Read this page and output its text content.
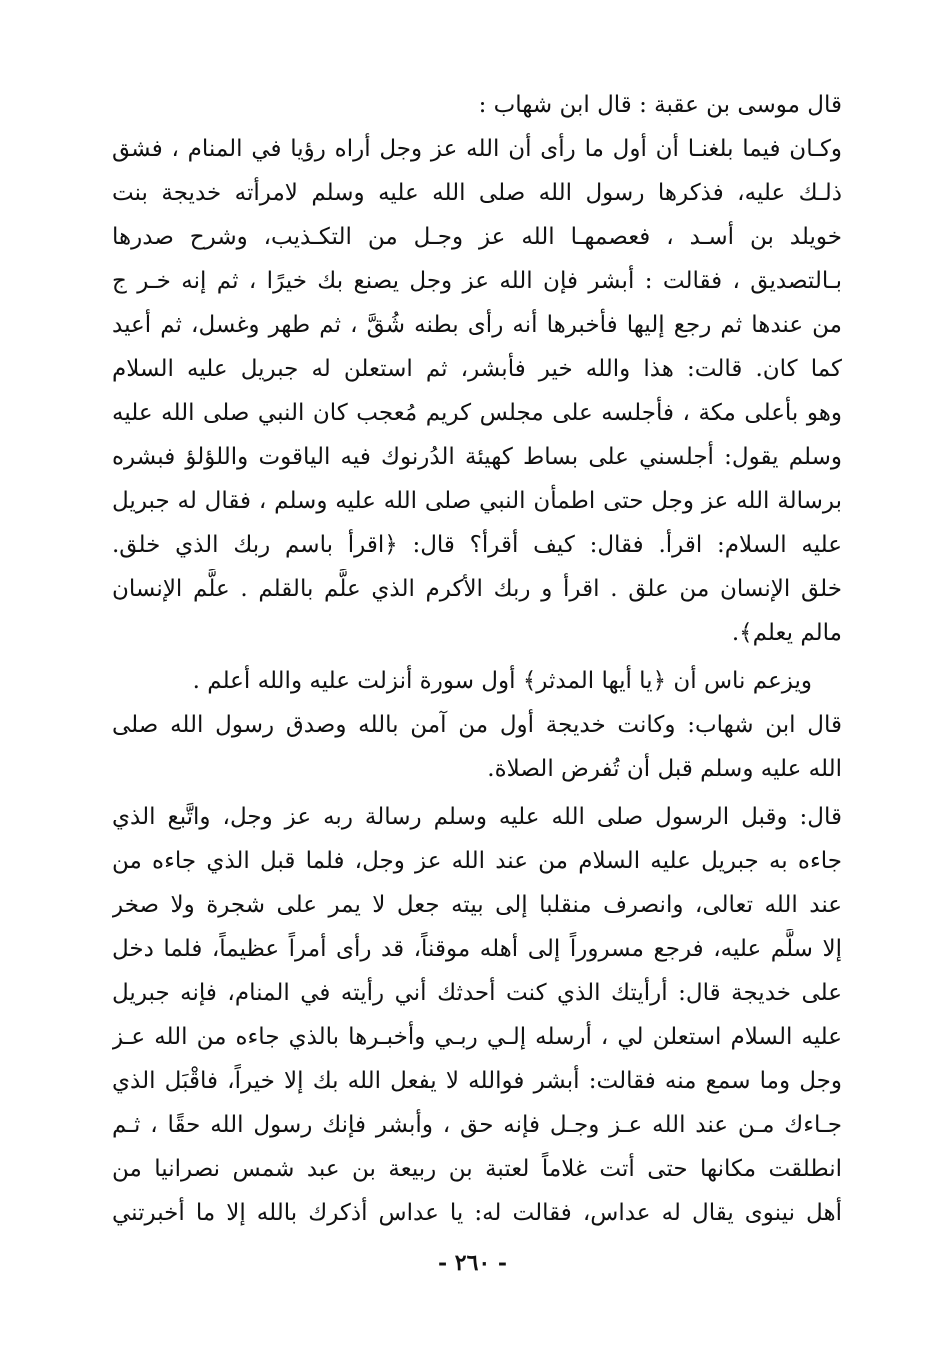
قال موسى بن عقبة : قال ابن شهاب :
وكـان فيما بلغنـا أن أول ما رأى أن الله عز وجل أراه رؤيا في المنام ، فشق
ذلـك عليه، فذكرها رسول الله صلى الله عليه وسلم لامرأته خديجة بنت
خويلد بن أسـد ، فعصمهـا الله عز وجـل من التكـذيب، وشرح صدرها
بـالتصديق ، فقالت : أبشر فإن الله عز وجل يصنع بك خيرًا ، ثم إنه خـر ج
من عندها ثم رجع إليها فأخبرها أنه رأى بطنه شُقَّ ، ثم طهر وغسل، ثم أعيد
كما كان. قالت: هذا والله خير فأبشر، ثم استعلن له جبريل عليه السلام
وهو بأعلى مكة ، فأجلسه على مجلس كريم مُعجب كان النبي صلى الله عليه
وسلم يقول: أجلسني على بساط كهيئة الدُرنوك فيه الياقوت واللؤلؤ فبشره
برسالة الله عز وجل حتى اطمأن النبي صلى الله عليه وسلم ، فقال له جبريل
عليه السلام: اقرأ. فقال: كيف أقرأ؟ قال: ﴿اقرأ باسم ربك الذي خلق.
خلق الإنسان من علق . اقرأ و ربك الأكرم الذي علَّم بالقلم . علَّم الإنسان
مالم يعلم﴾.
ويزعم ناس أن ﴿يا أيها المدثر﴾ أول سورة أنزلت عليه والله أعلم .
قال ابن شهاب: وكانت خديجة أول من آمن بالله وصدق رسول الله صلى
الله عليه وسلم قبل أن تُفرض الصلاة.
قال: وقبل الرسول صلى الله عليه وسلم رسالة ربه عز وجل، واتَّبع الذي
جاءه به جبريل عليه السلام من عند الله عز وجل، فلما قبل الذي جاءه من
عند الله تعالى، وانصرف منقلبا إلى بيته جعل لا يمر على شجرة ولا صخر
إلا سلَّم عليه، فرجع مسروراً إلى أهله موقناً، قد رأى أمراً عظيماً، فلما دخل
على خديجة قال: أرأيتك الذي كنت أحدثك أني رأيته في المنام، فإنه جبريل
عليه السلام استعلن لي ، أرسله إلـي ربـي وأخبـرها بالذي جاءه من الله عـز
وجل وما سمع منه فقالت: أبشر فوالله لا يفعل الله بك إلا خيراً، فاقْبَل الذي
جـاءك مـن عند الله عـز وجـل فإنه حق ، وأبشر فإنك رسول الله حقًا ، ثـم
انطلقت مكانها حتى أتت غلاماً لعتبة بن ربيعة بن عبد شمس نصرانيا من
أهل نينوى يقال له عداس، فقالت له: يا عداس أذكرك بالله إلا ما أخبرتني
- ٢٦٠ -
